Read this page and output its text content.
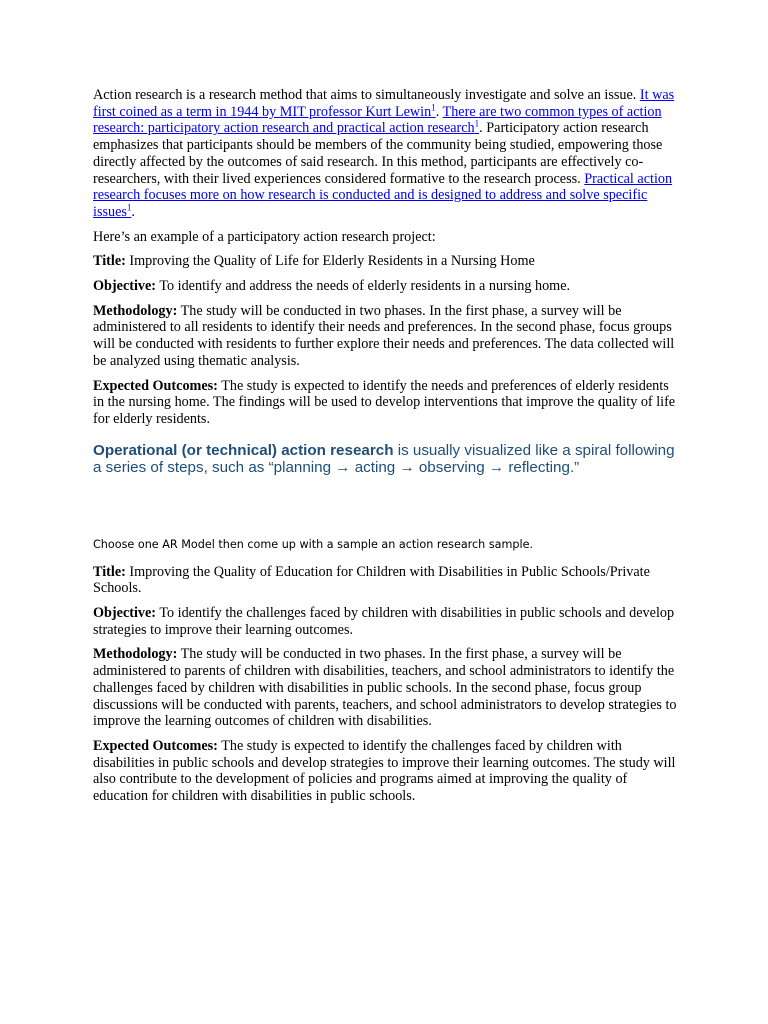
Action research is a research method that aims to simultaneously investigate and solve an issue. It was first coined as a term in 1944 by MIT professor Kurt Lewin$^1$. There are two common types of action research: participatory action research and practical action research$^1$. Participatory action research emphasizes that participants should be members of the community being studied, empowering those directly affected by the outcomes of said research. In this method, participants are effectively co-researchers, with their lived experiences considered formative to the research process. Practical action research focuses more on how research is conducted and is designed to address and solve specific issues$^1$.

Here’s an example of a participatory action research project:

Title: Improving the Quality of Life for Elderly Residents in a Nursing Home

Objective: To identify and address the needs of elderly residents in a nursing home.

Methodology: The study will be conducted in two phases. In the first phase, a survey will be administered to all residents to identify their needs and preferences. In the second phase, focus groups will be conducted with residents to further explore their needs and preferences. The data collected will be analyzed using thematic analysis.

Expected Outcomes: The study is expected to identify the needs and preferences of elderly residents in the nursing home. The findings will be used to develop interventions that improve the quality of life for elderly residents.

Operational (or technical) action research is usually visualized like a spiral following a series of steps, such as “planning → acting → observing → reflecting.”

Choose one AR Model then come up with a sample an action research sample.

Title: Improving the Quality of Education for Children with Disabilities in Public Schools/Private Schools.

Objective: To identify the challenges faced by children with disabilities in public schools and develop strategies to improve their learning outcomes.

Methodology: The study will be conducted in two phases. In the first phase, a survey will be administered to parents of children with disabilities, teachers, and school administrators to identify the challenges faced by children with disabilities in public schools. In the second phase, focus group discussions will be conducted with parents, teachers, and school administrators to develop strategies to improve the learning outcomes of children with disabilities.

Expected Outcomes: The study is expected to identify the challenges faced by children with disabilities in public schools and develop strategies to improve their learning outcomes. The study will also contribute to the development of policies and programs aimed at improving the quality of education for children with disabilities in public schools.
